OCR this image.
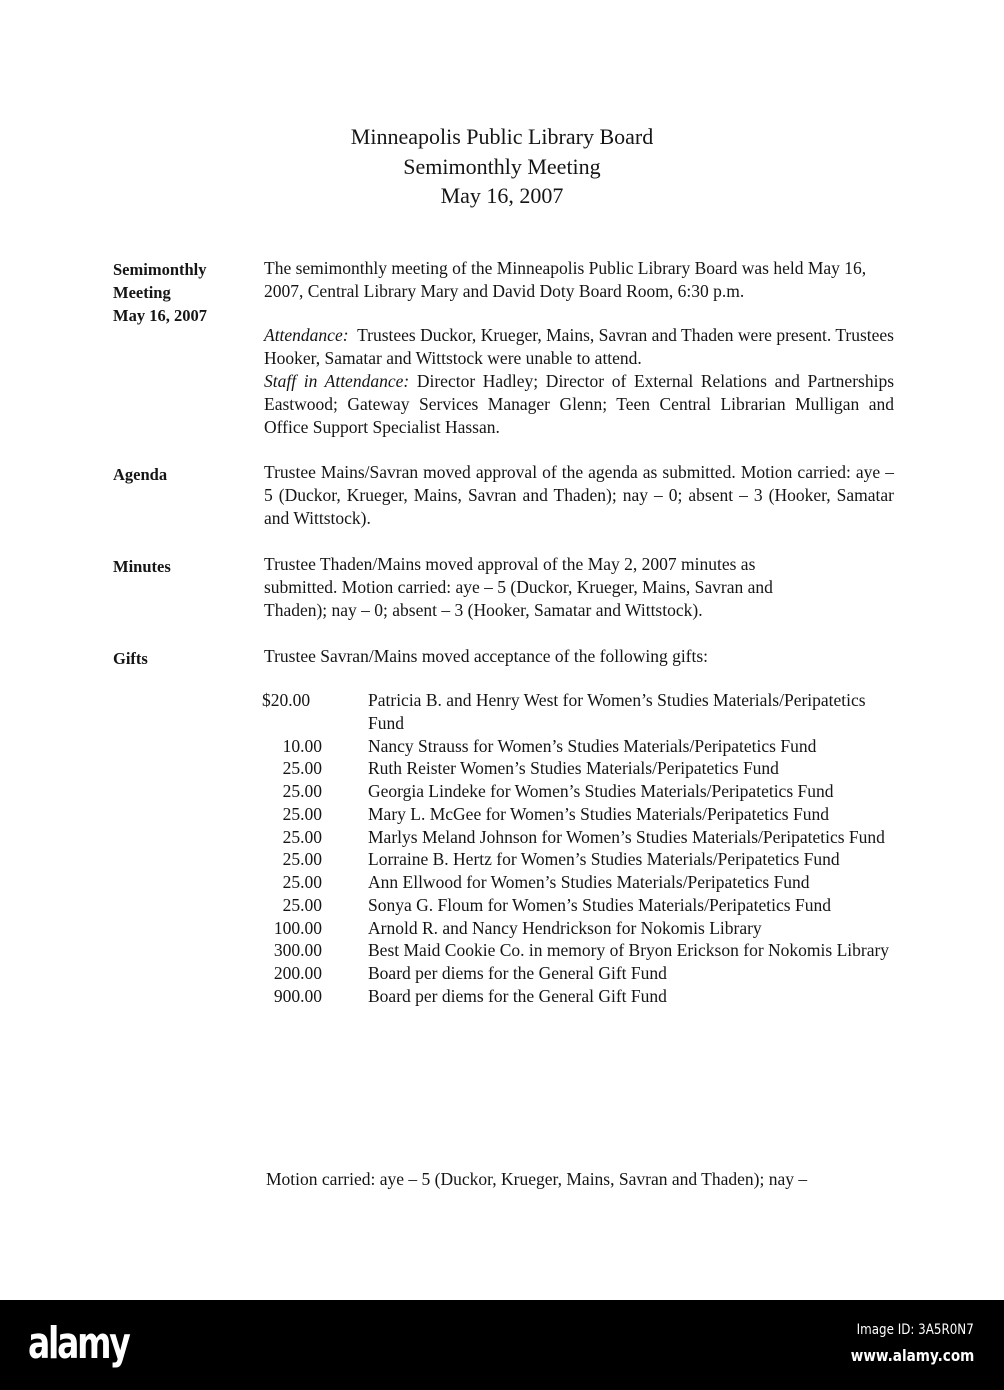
Minneapolis Public Library Board
Semimonthly Meeting
May 16, 2007
Semimonthly
Meeting
May 16, 2007
The semimonthly meeting of the Minneapolis Public Library Board was held May 16, 2007, Central Library Mary and David Doty Board Room, 6:30 p.m.
Attendance: Trustees Duckor, Krueger, Mains, Savran and Thaden were present. Trustees Hooker, Samatar and Wittstock were unable to attend.
Staff in Attendance: Director Hadley; Director of External Relations and Partnerships Eastwood; Gateway Services Manager Glenn; Teen Central Librarian Mulligan and Office Support Specialist Hassan.
Agenda	Trustee Mains/Savran moved approval of the agenda as submitted. Motion carried: aye – 5 (Duckor, Krueger, Mains, Savran and Thaden); nay – 0; absent – 3 (Hooker, Samatar and Wittstock).
Minutes	Trustee Thaden/Mains moved approval of the May 2, 2007 minutes as
submitted. Motion carried: aye – 5 (Duckor, Krueger, Mains, Savran and
Thaden); nay – 0; absent – 3 (Hooker, Samatar and Wittstock).
Gifts	Trustee Savran/Mains moved acceptance of the following gifts:
$20.00	Patricia B. and Henry West for Women’s Studies Materials/Peripatetics Fund
10.00	Nancy Strauss for Women’s Studies Materials/Peripatetics Fund
25.00	Ruth Reister Women’s Studies Materials/Peripatetics Fund
25.00	Georgia Lindeke for Women’s Studies Materials/Peripatetics Fund
25.00	Mary L. McGee for Women’s Studies Materials/Peripatetics Fund
25.00	Marlys Meland Johnson for Women’s Studies Materials/Peripatetics Fund
25.00	Lorraine B. Hertz for Women’s Studies Materials/Peripatetics Fund
25.00	Ann Ellwood for Women’s Studies Materials/Peripatetics Fund
25.00	Sonya G. Floum for Women’s Studies Materials/Peripatetics Fund
100.00	Arnold R. and Nancy Hendrickson for Nokomis Library
300.00	Best Maid Cookie Co. in memory of Bryon Erickson for Nokomis Library
200.00	Board per diems for the General Gift Fund
900.00	Board per diems for the General Gift Fund
Motion carried: aye – 5 (Duckor, Krueger, Mains, Savran and Thaden); nay –
alamy	Image ID: 3A5R0N7
www.alamy.com
